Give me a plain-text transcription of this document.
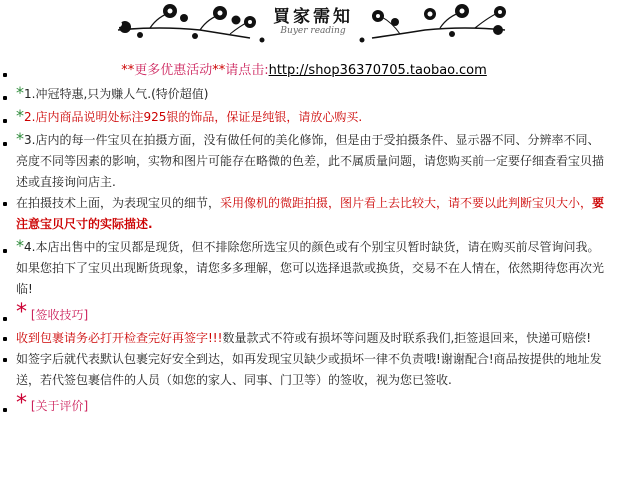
買家需知
Buyer reading
**更多优惠活动**请点击:http://shop36370705.taobao.com
*1.冲冠特惠,只为赚人气.(特价超值)
*2.店内商品说明处标注925银的饰品，保证是纯银，请放心购买.
*3.店内的每一件宝贝在拍摄方面，没有做任何的美化修饰，但是由于受拍摄条件、显示器不同、分辨率不同、亮度不同等因素的影响，实物和图片可能存在略微的色差，此不属质量问题，请您购买前一定要仔细查看宝贝描述或直接询问店主.
在拍摄技术上面，为表现宝贝的细节，采用像机的微距拍摄，图片看上去比较大，请不要以此判断宝贝大小，要注意宝贝尺寸的实际描述.
*4.本店出售中的宝贝都是现货，但不排除您所选宝贝的颜色或有个别宝贝暂时缺货，请在购买前尽管询问我。如果您拍下了宝贝出现断货现象，请您多多理解，您可以选择退款或换货，交易不在人情在，依然期待您再次光临!
* [签收技巧]
收到包裹请务必打开检查完好再签字!!!数量款式不符或有损坏等问题及时联系我们,拒签退回来，快递可赔偿!
如签字后就代表默认包裹完好安全到达，如再发现宝贝缺少或损坏一律不负责哦!谢谢配合!商品按提供的地址发送，若代签包裹信件的人员（如您的家人、同事、门卫等）的签收，视为您已签收.
* [关于评价]
